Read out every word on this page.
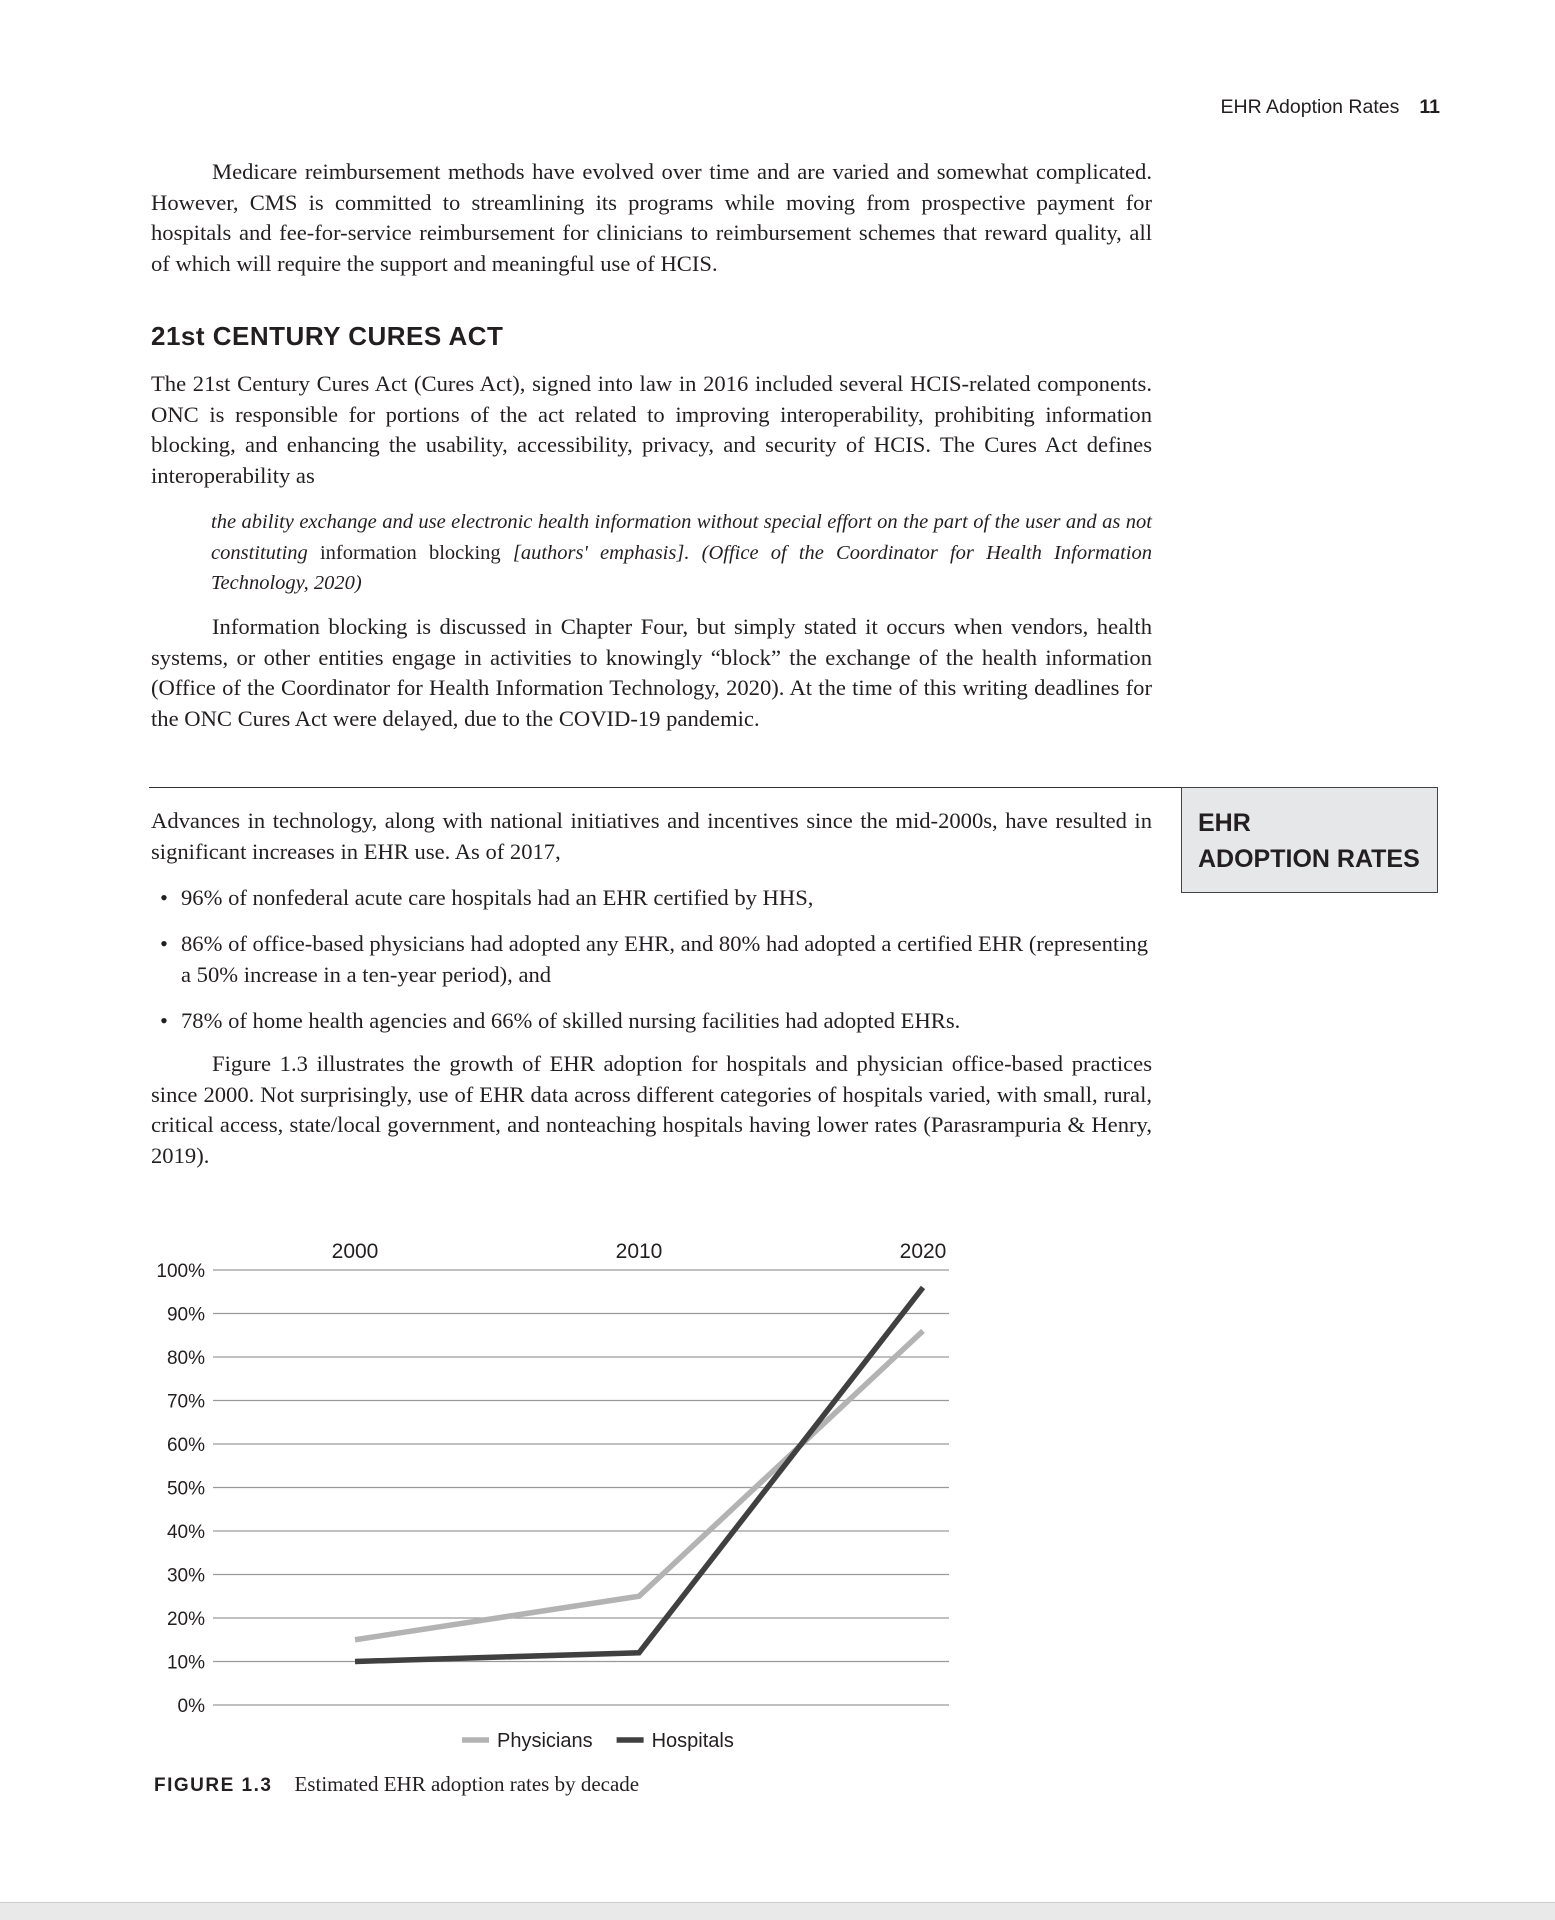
EHR Adoption Rates 11

Medicare reimbursement methods have evolved over time and are varied and somewhat complicated. However, CMS is committed to streamlining its programs while moving from prospective payment for hospitals and fee-for-service reimbursement for clinicians to reimbursement schemes that reward quality, all of which will require the support and meaningful use of HCIS.

21st CENTURY CURES ACT

The 21st Century Cures Act (Cures Act), signed into law in 2016 included several HCIS-related components. ONC is responsible for portions of the act related to improving interoperability, prohibiting information blocking, and enhancing the usability, accessibility, privacy, and security of HCIS. The Cures Act defines interoperability as

the ability exchange and use electronic health information without special effort on the part of the user and as not constituting information blocking [authors' emphasis]. (Office of the Coordinator for Health Information Technology, 2020)

Information blocking is discussed in Chapter Four, but simply stated it occurs when vendors, health systems, or other entities engage in activities to knowingly “block” the exchange of the health information (Office of the Coordinator for Health Information Technology, 2020). At the time of this writing deadlines for the ONC Cures Act were delayed, due to the COVID-19 pandemic.

EHR
ADOPTION RATES

Advances in technology, along with national initiatives and incentives since the mid-2000s, have resulted in significant increases in EHR use. As of 2017,

• 96% of nonfederal acute care hospitals had an EHR certified by HHS,
• 86% of office-based physicians had adopted any EHR, and 80% had adopted a certified EHR (representing a 50% increase in a ten-year period), and
• 78% of home health agencies and 66% of skilled nursing facilities had adopted EHRs.

Figure 1.3 illustrates the growth of EHR adoption for hospitals and physician office-based practices since 2000. Not surprisingly, use of EHR data across different categories of hospitals varied, with small, rural, critical access, state/local government, and nonteaching hospitals having lower rates (Parasrampuria & Henry, 2019).

0%
10%
20%
30%
40%
50%
60%
70%
80%
90%
100%
2000	2010	2020
Physicians	Hospitals
FIGURE 1.3 Estimated EHR adoption rates by decade
